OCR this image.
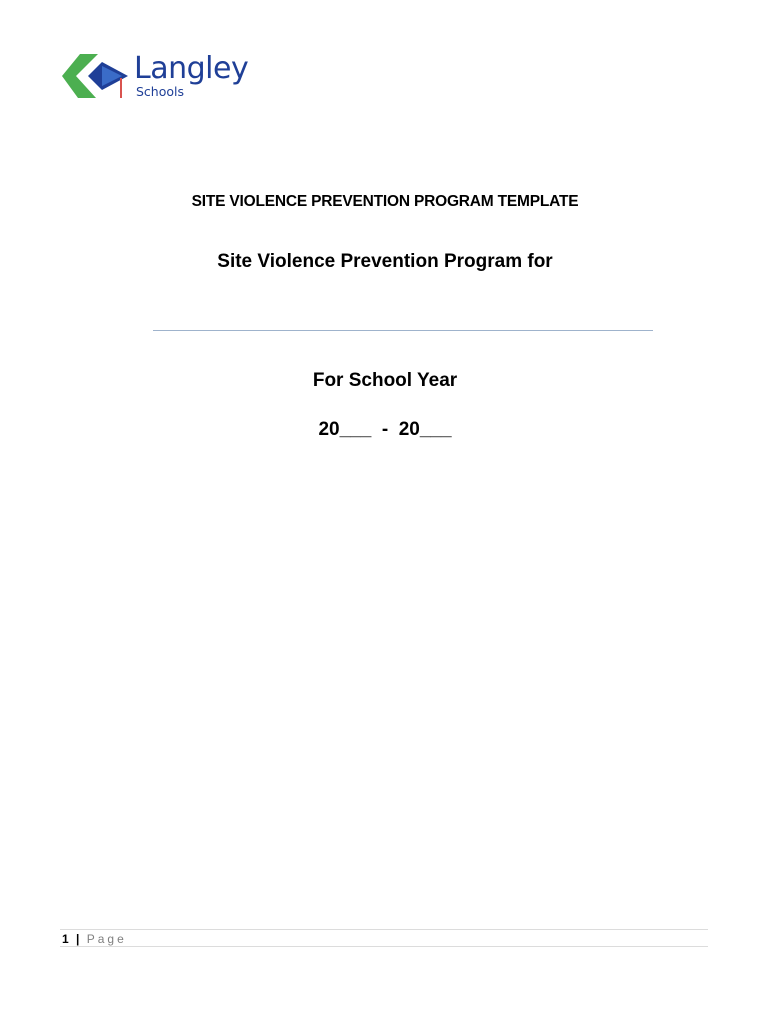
Langley
Schools
SITE VIOLENCE PREVENTION PROGRAM TEMPLATE
Site Violence Prevention Program for
For School Year
20___  -  20___
1 | Page
